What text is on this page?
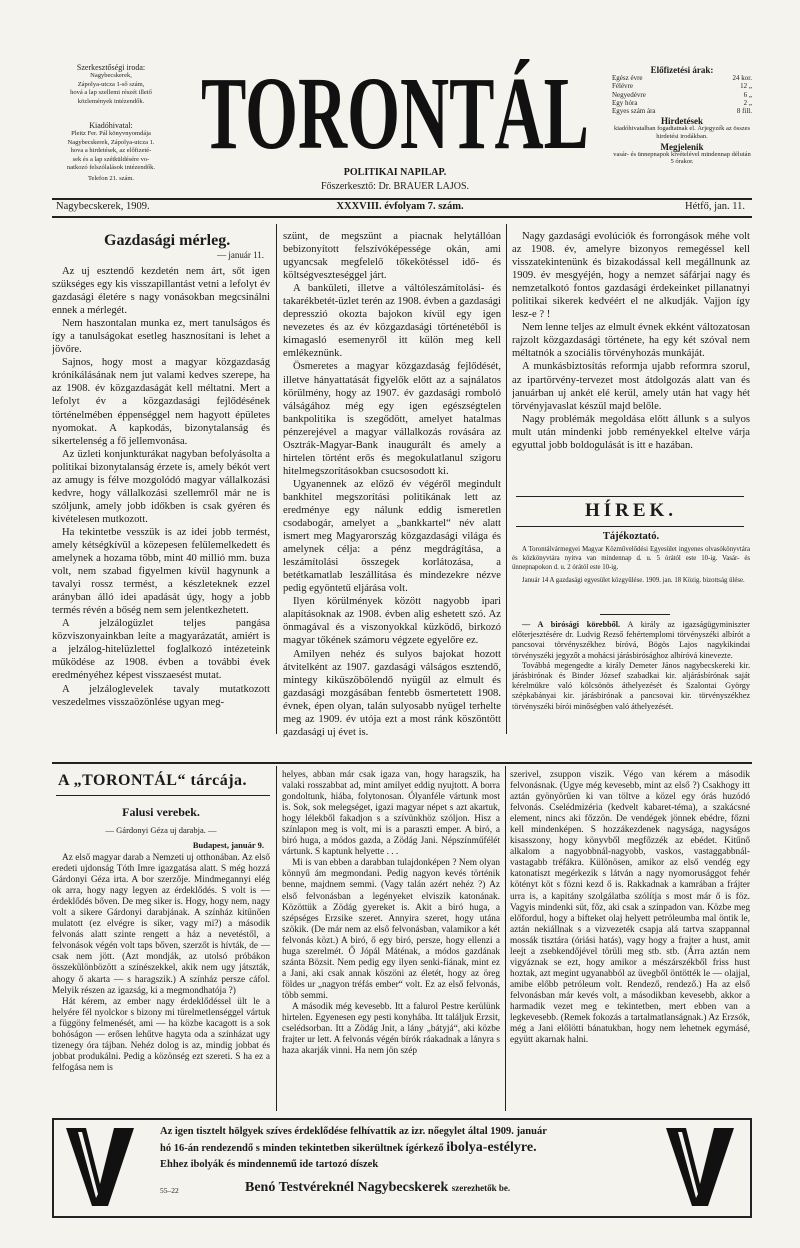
Szerkesztőségi iroda:
Nagybecskerek,
Zápolya-utcza 1-ső szám,
hová a lap szellemi részét illető
közlemények intézendők.
Kiadóhivatal:
Pleitz Fer. Pál könyvnyomdája
Nagybecskerek, Zápolya-utcza 1.
hova a hirdetések, az előfizeté-
sek és a lap szétküldésére vo-
natkozó felszólalások intézendők.
Telefon 21. szám.
TORONTÁL
POLITIKAI NAPILAP.
Főszerkesztő: Dr. BRAUER LAJOS.
Előfizetési árak:
Egész évre	24 kor.
Félévre	12 „
Negyedévre	6 „
Egy hóra	2 „
Egyes szám ára	8 fill.
Hirdetések
kiadóhivatalban fogadtatnak el. Árjegyzék az összes hirdetési irodákban.
Megjelenik
vasár- és ünnepnapok kivételével mindennap délután 5 órakor.
Nagybecskerek, 1909.	XXXVIII. évfolyam 7. szám.	Hétfő, jan. 11.
Gazdasági mérleg.
— január 11.

Az uj esztendő kezdetén nem árt, sőt igen szükséges egy kis visszapillantást vetni a lefolyt év gazdasági életére s nagy vonásokban megcsinálni ennek a mérlegét.

Nem haszontalan munka ez, mert tanulságos és így a tanulságokat esetleg hasznosítani is lehet a jövőre.

Sajnos, hogy most a magyar közgazdaság krónikálásának nem jut valami kedves szerepe, ha az 1908. év közgazdaságát kell méltatni. Mert a lefolyt év a közgazdasági fejlődésének történelmében éppenséggel nem hagyott épületes nyomokat. A kapkodás, bizonytalanság és sikertelenség a fő jellemvonása.

Az üzleti konjunkturákat nagyban befolyásolta a politikai bizonytalanság érzete is, amely békót vert az amugy is félve mozgolódó magyar vállalkozási kedvre, hogy vállalkozási szellemről már ne is szóljunk, amely jobb időkben is csak gyéren és kivételesen mutkozott.

Ha tekintetbe vesszük is az idei jobb termést, amely kétségkívül a közepesen felülemelkedett és amelynek a hozama több, mint 40 millió mm. buza volt, nem szabad figyelmen kívül hagynunk a tavalyi rossz termést, a készleteknek ezzel arányban álló idei apadását úgy, hogy a jobb termés révén a bőség nem sem jelentkezhetett.

A jelzálogüzlet teljes pangása közviszonyainkban leíte a magyarázatát, amiért is a jelzálog-hitelüzlettel foglalkozó intézeteink működése az 1908. évben a további évek eredményéhez képest visszaesést mutat.

A jelzáloglevelek tavaly mutatkozott veszedelmes visszaözönlése ugyan meg-

szünt, de megszünt a piacnak helytállóan bebizonyított felszívóképessége okán, ami ugyancsak megfelelő tőkekötéssel idő- és költségveszteséggel járt.

A bankületi, illetve a váltóleszámítolási- és takarékbetét-üzlet terén az 1908. évben a gazdasági depresszió okozta bajokon kívül egy igen nevezetes és az év közgazdasági történetéből is kimagasló esemenyről itt külön meg kell emlékeznünk.

Ösmeretes a magyar közgazdaság fejlődését, illetve hányattatását figyelők előtt az a sajnálatos körülmény, hogy az 1907. év gazdasági romboló válságához még egy igen egészségtelen bankpolitika is szegődött, amelyet hatalmas pénzerejével a magyar vállalkozás rovására az Osztrák-Magyar-Bank inaugurált és amely a hirtelen történt erős és megokulatlanul szigoru hitelmegszorításokban csucsosodott ki.

Ugyanennek az előző év végéről megindult bankhitel megszorítási politikának lett az eredménye egy nálunk eddig ismeretlen csodabogár, amelyet a „bankkartel“ név alatt ismert meg Magyarország közgazdasági világa és amelynek célja: a pénz megdrágítása, a leszámítolási összegek korlátozása, a betétkamatlab leszállítása és mindezekre nézve pedig egyöntetű eljárása volt.

Ilyen körülmények között nagyobb ipari alapításoknak az 1908. évben alig eshetett szó. Az önmagával és a viszonyokkal küzködő, birkozó magyar tőkének számoru végzete egyelőre ez.

Amilyen nehéz és sulyos bajokat hozott átvitelként az 1907. gazdasági válságos esztendő, mintegy kiküszöbölendő nyügül az elmult és gazdasági mozgásában fentebb ösmertetett 1908. évnek, épen olyan, talán sulyosabb nyügel terhelte meg az 1909. év utója ezt a most ránk köszöntött gazdasági uj évet is.

Nagy gazdasági evolúciók és forrongások méhe volt az 1908. év, amelyre bizonyos remegéssel kell visszatekintenünk és bizakodással kell megállnunk az 1909. év mesgyéjén, hogy a nemzet sáfárjai nagy és nemzetalkotó fontos gazdasági érdekeinket pillanatnyi politikai sikerek kedvéért el ne alkudják. Vajjon így lesz-e ? !

Nem lenne teljes az elmult évnek ekként változatosan rajzolt közgazdasági története, ha egy két szóval nem méltatnók a szociális törvényhozás munkáját.

A munkásbiztosítás reformja ujabb reformra szorul, az ipartörvény-tervezet most átdolgozás alatt van és januárban uj ankét elé kerül, amely után hat vagy hét törvényjavaslat készül majd belőle.

Nagy problémák megoldása előtt állunk s a sulyos mult után mindenki jobb reményekkel eltelve várja egyuttal jobb boldogulását is itt e hazában.

HÍREK.
Tájékoztató.
A Torontálvármegyei Magyar Közművelődési Egyesület ingyenes olvasókönyvtára és közkönyvtára nyitva van mindennap d. u. 5 órától este 10-ig. Vasár- és ünnepnapokon d. u. 2 órától este 10-ig.
Január 14 A gazdasági egyesület közgyűlése. 1909. jan. 18 Közig. bizottság ülése.
— A birósági körebből. A király az igazságügyminiszter előterjesztésére dr. Ludvig Rezső fehértemplomi törvényszéki albírót a pancsovai törvényszékhez bíróvá, Bögös Lajos nagykikindai törvényszéki jegyzőt a mohácsi járásbirósághoz albíróvá kinevezte.
Továbbá megengedte a király Demeter János nagybecskereki kir. járásbirónak és Binder József szabadkai kir. aljárásbírónak saját kérelmükre való kölcsönös áthelyezését és Szalontai György szépkabányai kir. járásbirónak a pancsovai kir. törvényszékhez törvényszéki bírói minőségben való áthelyezését.
A „TORONTÁL“ tárcája.
Falusi verebek.
— Gárdonyi Géza uj darabja. —
Budapest, január 9.

Az első magyar darab a Nemzeti uj otthonában. Az első eredeti ujdonság Tóth Imre igazgatása alatt. S még hozzá Gárdonyi Géza irta. A bor szerzője. Mindmegannyi elég ok arra, hogy nagy legyen az érdeklődés. S volt is — érdeklődés bőven. De meg siker is. Hogy, hogy nem, nagy volt a sikere Gárdonyi darabjának. A színház kitűnően mulatott (ez elvégre is siker, vagy mi?) a második felvonás alatt szinte rengett a ház a nevetéstől, a felvonások végén volt taps bőven, szerzőt is hívták, de — csak nem jött. (Azt mondják, az utolsó próbákon összekülönbözött a színészekkel, akik nem ugy játszták, ahogy ő akarta — s haragszik.) A színház persze cáfol. Melyik részen az igazság, ki a megmondhatója ?)

Hát kérem, az ember nagy érdeklődéssel ült le a helyére fél nyolckor s bizony mi türelmetlenséggel vártuk a függöny felmenését, ami — ha közbe kacagott is a sok bohóságon — erősen lehűtve hagyta oda a színházat ugy tizenegy óra tájban. Nehéz dolog is az, mindig jobbat és jobbat produkálni. Pedig a közönség ezt szereti. S ha ez a felfogása nem is

helyes, abban már csak igaza van, hogy haragszik, ha valaki rosszabbat ad, mint amilyet eddig nyujtott. A borra gondoltunk, hiába, folytonosan. Ólyanféle vártunk most is. Sok, sok melegséget, igazi magyar népet s azt akartuk, hogy lélekből fakadjon s a szívünkhöz szóljon. Hisz a színlapon meg is volt, mi is a paraszti emper. A biró, a biró huga, a módos gazda, a Zödág Jani. Népszínműfélét vártunk. S kaptunk helyette . . .

Mi is van ebben a darabban tulajdonképen ? Nem olyan könnyű ám megmondani. Pedig nagyon kevés történik benne, majdnem semmi. (Vagy talán azért nehéz ?) Az első felvonásban a legényeket elviszik katonának. Közöttük a Zödág gyereket is. Akit a biró huga, a szépséges Erzsike szeret. Annyira szeret, hogy utána szökik. (De már nem az első felvonásban, valamikor a két felvonás közt.) A biró, ő egy biró, persze, hogy ellenzi a huga szerelmét. Ő Jópál Máténak, a módos gazdának szánta Bözsit. Nem pedig egy ilyen senki-fiának, mint ez a Jani, aki csak annak köszöni az életét, hogy az öreg földes ur „nagyon tréfás ember“ volt. Ez az első felvonás, több semmi.

A második még kevesebb. Itt a falurol Pestre kerülünk hirtelen. Egyenesen egy pesti konyhába. Itt találjuk Erzsit, cselédsorban. Itt a Zödág Jnit, a lány „bátyjá“, aki közbe frajter ur lett. A felvonás végén bírók ráakadnak a lányra s haza akarják vinni. Ha nem jön szép

szerivel, zsuppon viszik. Végo van kérem a második felvonásnak. (Ugye még kevesebb, mint az első ?) Csakhogy itt aztán gyönyörűen ki van töltve a közel egy órás huzódó felvonás. Cselédmizéria (kedvelt kabaret-téma), a szakácsné element, nincs aki főzzön. De vendégek jönnek ebédre, főzni kell mindenképen. S hozzákezdenek nagysága, nagyságos kisasszony, hogy könyvből megfőzzék az ebédet. Kitűnő alkalom a nagyobbnál-nagyobb, vaskos, vastaggabbnál-vastagabb tréfákra. Különösen, amikor az első vendég egy katonatiszt megérkezik s látván a nagy nyomorusággot fehér kötényt köt s fözni kezd ő is. Rakkadnak a kamrában a frájter urra is, a kapitány szolgálatba szólítja s most már ő is föz. Vagyis mindenki süt, főz, aki csak a színpadon van. Közbe meg előfordul, hogy a bifteket olaj helyett petróleumba mal öntik le, aztán nekiállnak s a vizvezeték csapja alá tartva szappannal mossák tisztára (óriási hatás), vagy hogy a frajter a hust, amit leejt a zsebkendőjével törüli meg stb. stb. (Árra aztán nem vigyáznak se ezt, hogy amikor a mészárszékből friss hust hoztak, azt megint ugyanabból az üvegből öntötték le — olajjal, amibe előbb petróleum volt. Rendező, rendező.) Ha az első felvonásban már kevés volt, a másodikban kevesebb, akkor a harmadik vezet meg e tekintetben, mert ebben van a legkevesebb. (Remek fokozás a tartalmatlanságnak.) Az Erzsók, még a Jani előlötti bánatukban, hogy nem lehetnek egymásé, együtt akarnak halni.

Az igen tisztelt hölgyek szíves érdeklődése felhívattik az izr. nőegylet által 1909. január
hó 16-án rendezendő s minden tekintetben sikerültnek ígérkező ibolya-estélyre.
Ehhez ibolyák és mindennemű ide tartozó díszek
55–22	Benó Testvéreknél Nagybecskerek szerezhetők be.
